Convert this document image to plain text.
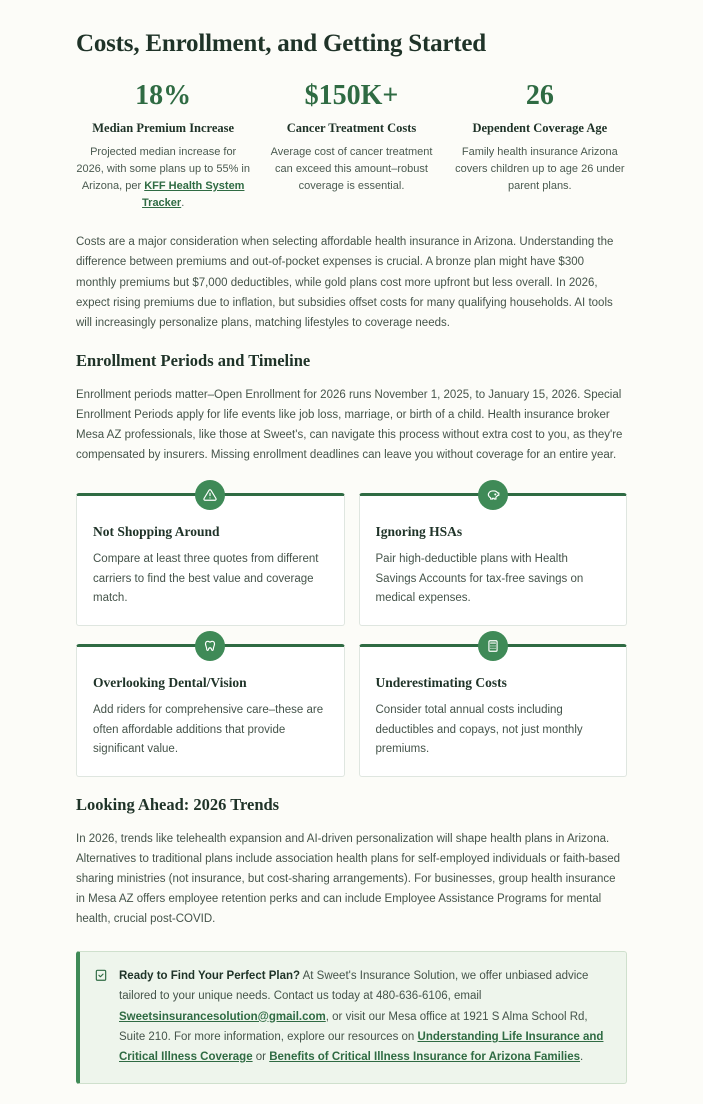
Costs, Enrollment, and Getting Started
18%
Median Premium Increase
Projected median increase for 2026, with some plans up to 55% in Arizona, per KFF Health System Tracker.
$150K+
Cancer Treatment Costs
Average cost of cancer treatment can exceed this amount–robust coverage is essential.
26
Dependent Coverage Age
Family health insurance Arizona covers children up to age 26 under parent plans.

Costs are a major consideration when selecting affordable health insurance in Arizona. Understanding the difference between premiums and out-of-pocket expenses is crucial. A bronze plan might have $300 monthly premiums but $7,000 deductibles, while gold plans cost more upfront but less overall. In 2026, expect rising premiums due to inflation, but subsidies offset costs for many qualifying households. AI tools will increasingly personalize plans, matching lifestyles to coverage needs.

Enrollment Periods and Timeline

Enrollment periods matter–Open Enrollment for 2026 runs November 1, 2025, to January 15, 2026. Special Enrollment Periods apply for life events like job loss, marriage, or birth of a child. Health insurance broker Mesa AZ professionals, like those at Sweet's, can navigate this process without extra cost to you, as they're compensated by insurers. Missing enrollment deadlines can leave you without coverage for an entire year.

Not Shopping Around

Compare at least three quotes from different carriers to find the best value and coverage match.

Ignoring HSAs

Pair high-deductible plans with Health Savings Accounts for tax-free savings on medical expenses.

Overlooking Dental/Vision

Add riders for comprehensive care–these are often affordable additions that provide significant value.

Underestimating Costs

Consider total annual costs including deductibles and copays, not just monthly premiums.

Looking Ahead: 2026 Trends

In 2026, trends like telehealth expansion and AI-driven personalization will shape health plans in Arizona. Alternatives to traditional plans include association health plans for self-employed individuals or faith-based sharing ministries (not insurance, but cost-sharing arrangements). For businesses, group health insurance in Mesa AZ offers employee retention perks and can include Employee Assistance Programs for mental health, crucial post-COVID.

Ready to Find Your Perfect Plan? At Sweet's Insurance Solution, we offer unbiased advice tailored to your unique needs. Contact us today at 480-636-6106, email Sweetsinsurancesolution@gmail.com, or visit our Mesa office at 1921 S Alma School Rd, Suite 210. For more information, explore our resources on Understanding Life Insurance and Critical Illness Coverage or Benefits of Critical Illness Insurance for Arizona Families.
